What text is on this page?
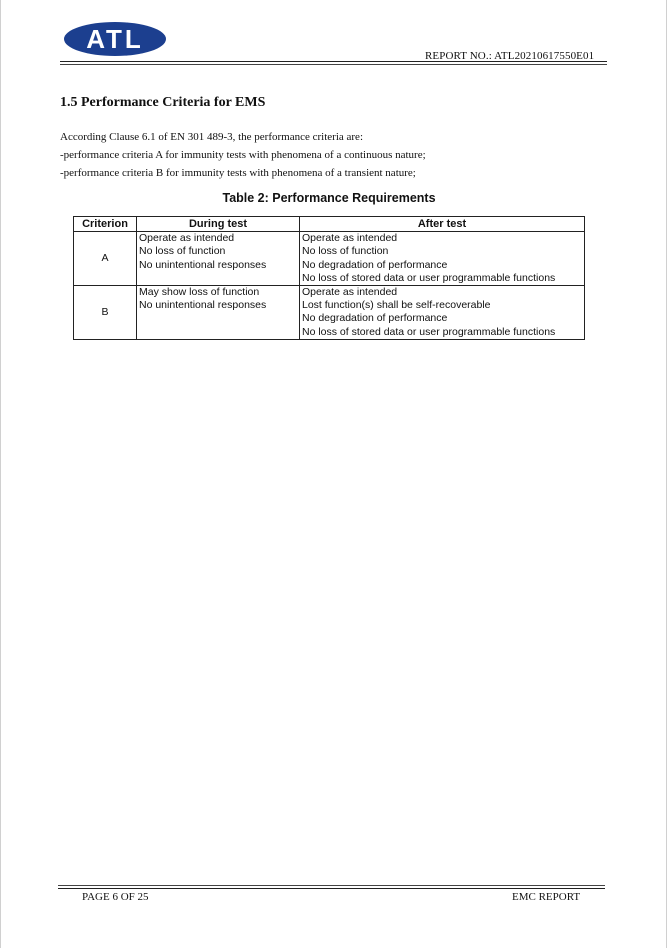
ATL
REPORT NO.: ATL20210617550E01
1.5 Performance Criteria for EMS
According Clause 6.1 of EN 301 489-3, the performance criteria are:
-performance criteria A for immunity tests with phenomena of a continuous nature;
-performance criteria B for immunity tests with phenomena of a transient nature;
Table 2: Performance Requirements
Criterion	During test	After test
A	Operate as intended
No loss of function
No unintentional responses	Operate as intended
No loss of function
No degradation of performance
No loss of stored data or user programmable functions

B	May show loss of function
No unintentional responses	Operate as intended
Lost function(s) shall be self-recoverable
No degradation of performance
No loss of stored data or user programmable functions
PAGE 6 OF 25	EMC REPORT
